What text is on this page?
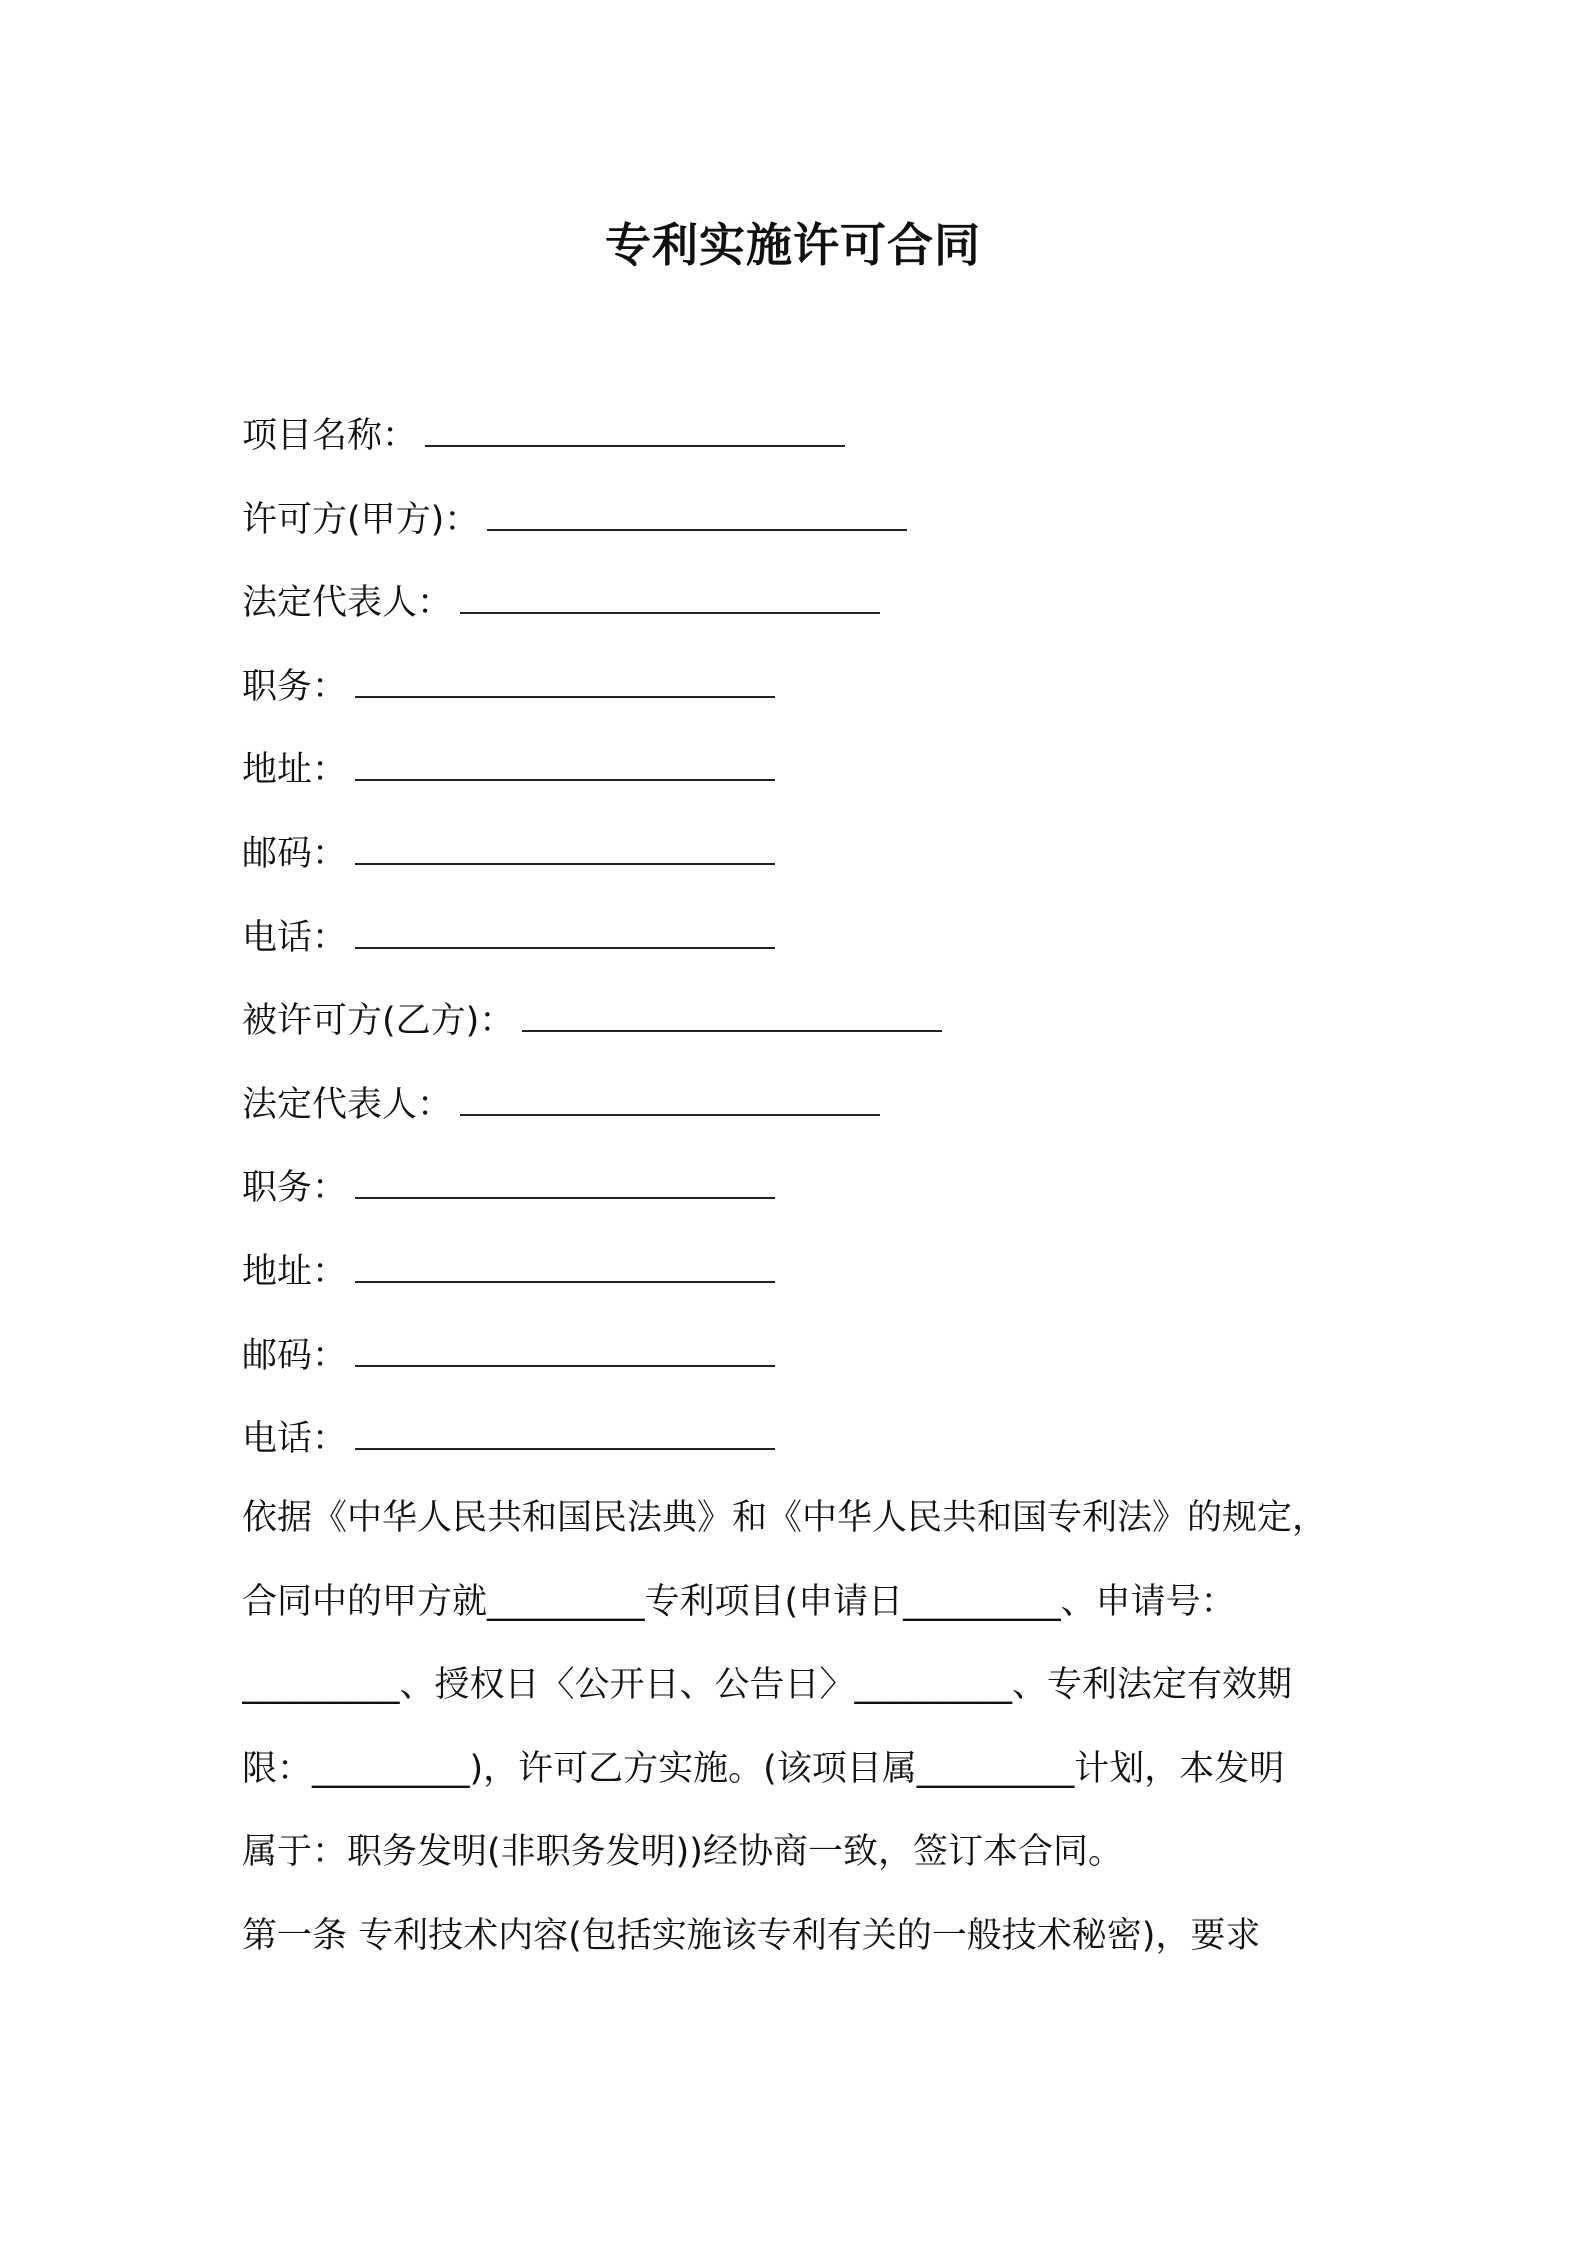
专利实施许可合同
项目名称：
许可方(甲方)：
法定代表人：
职务：
地址：
邮码：
电话：
被许可方(乙方)：
法定代表人：
职务：
地址：
邮码：
电话：
依据《中华人民共和国民法典》和《中华人民共和国专利法》的规定，
合同中的甲方就_________专利项目(申请日_________、申请号：
_________、授权日〈公开日、公告日〉_________、专利法定有效期
限：_________)，许可乙方实施。(该项目属_________计划，本发明
属于：职务发明(非职务发明))经协商一致，签订本合同。
第一条 专利技术内容(包括实施该专利有关的一般技术秘密)，要求
